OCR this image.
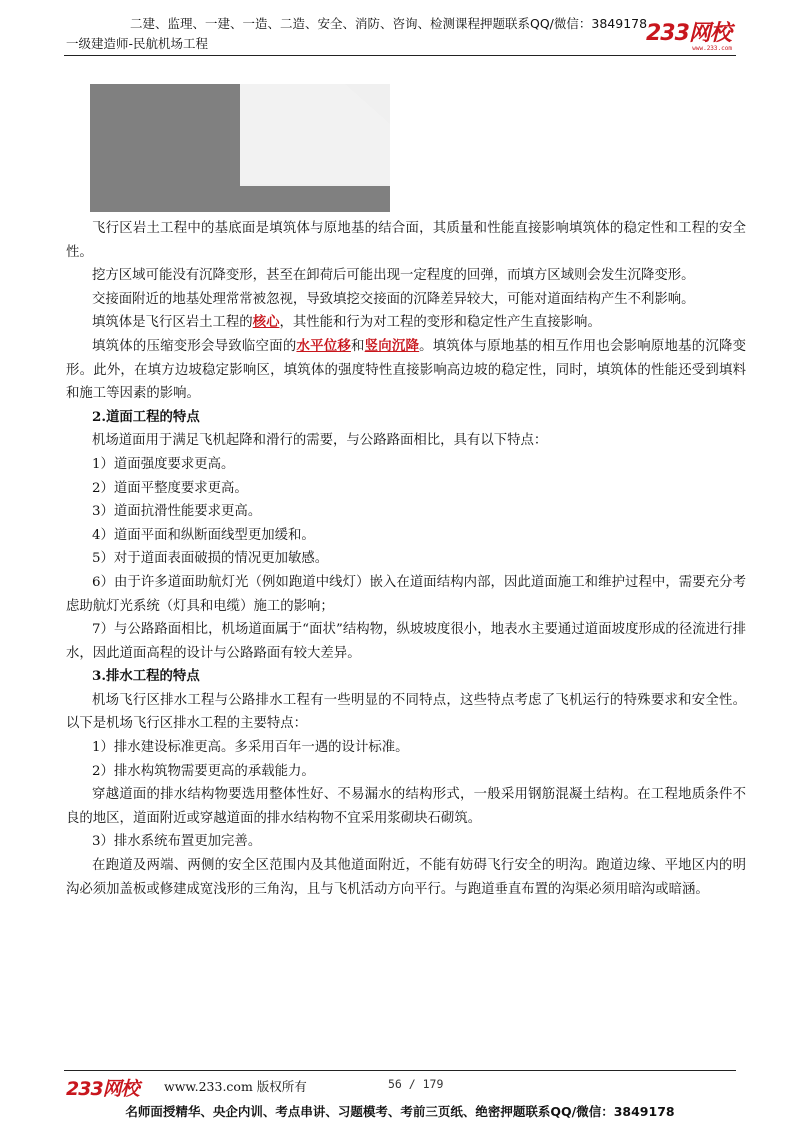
二建、监理、一建、一造、二造、安全、消防、咨询、检测课程押题联系QQ/微信：3849178
一级建造师-民航机场工程	233网校
www.233.com

飞行区岩土工程中的基底面是填筑体与原地基的结合面，其质量和性能直接影响填筑体的稳定性和工程的安全性。

挖方区域可能没有沉降变形，甚至在卸荷后可能出现一定程度的回弹，而填方区域则会发生沉降变形。

交接面附近的地基处理常常被忽视，导致填挖交接面的沉降差异较大，可能对道面结构产生不利影响。

填筑体是飞行区岩土工程的核心，其性能和行为对工程的变形和稳定性产生直接影响。

填筑体的压缩变形会导致临空面的水平位移和竖向沉降。填筑体与原地基的相互作用也会影响原地基的沉降变形。此外，在填方边坡稳定影响区，填筑体的强度特性直接影响高边坡的稳定性，同时，填筑体的性能还受到填料和施工等因素的影响。

2.道面工程的特点

机场道面用于满足飞机起降和滑行的需要，与公路路面相比，具有以下特点：

1）道面强度要求更高。

2）道面平整度要求更高。

3）道面抗滑性能要求更高。

4）道面平面和纵断面线型更加缓和。

5）对于道面表面破损的情况更加敏感。

6）由于许多道面助航灯光（例如跑道中线灯）嵌入在道面结构内部，因此道面施工和维护过程中，需要充分考虑助航灯光系统（灯具和电缆）施工的影响；

7）与公路路面相比，机场道面属于“面状”结构物，纵坡坡度很小，地表水主要通过道面坡度形成的径流进行排水，因此道面高程的设计与公路路面有较大差异。

3.排水工程的特点

机场飞行区排水工程与公路排水工程有一些明显的不同特点，这些特点考虑了飞机运行的特殊要求和安全性。以下是机场飞行区排水工程的主要特点：

1）排水建设标准更高。多采用百年一遇的设计标准。

2）排水构筑物需要更高的承载能力。

穿越道面的排水结构物要选用整体性好、不易漏水的结构形式，一般采用钢筋混凝土结构。在工程地质条件不良的地区，道面附近或穿越道面的排水结构物不宜采用浆砌块石砌筑。

3）排水系统布置更加完善。

在跑道及两端、两侧的安全区范围内及其他道面附近，不能有妨碍飞行安全的明沟。跑道边缘、平地区内的明沟必须加盖板或修建成宽浅形的三角沟，且与飞机活动方向平行。与跑道垂直布置的沟渠必须用暗沟或暗涵。

233网校 www.233.com 版权所有	56 / 179
名师面授精华、央企内训、考点串讲、习题模考、考前三页纸、绝密押题联系QQ/微信：3849178
